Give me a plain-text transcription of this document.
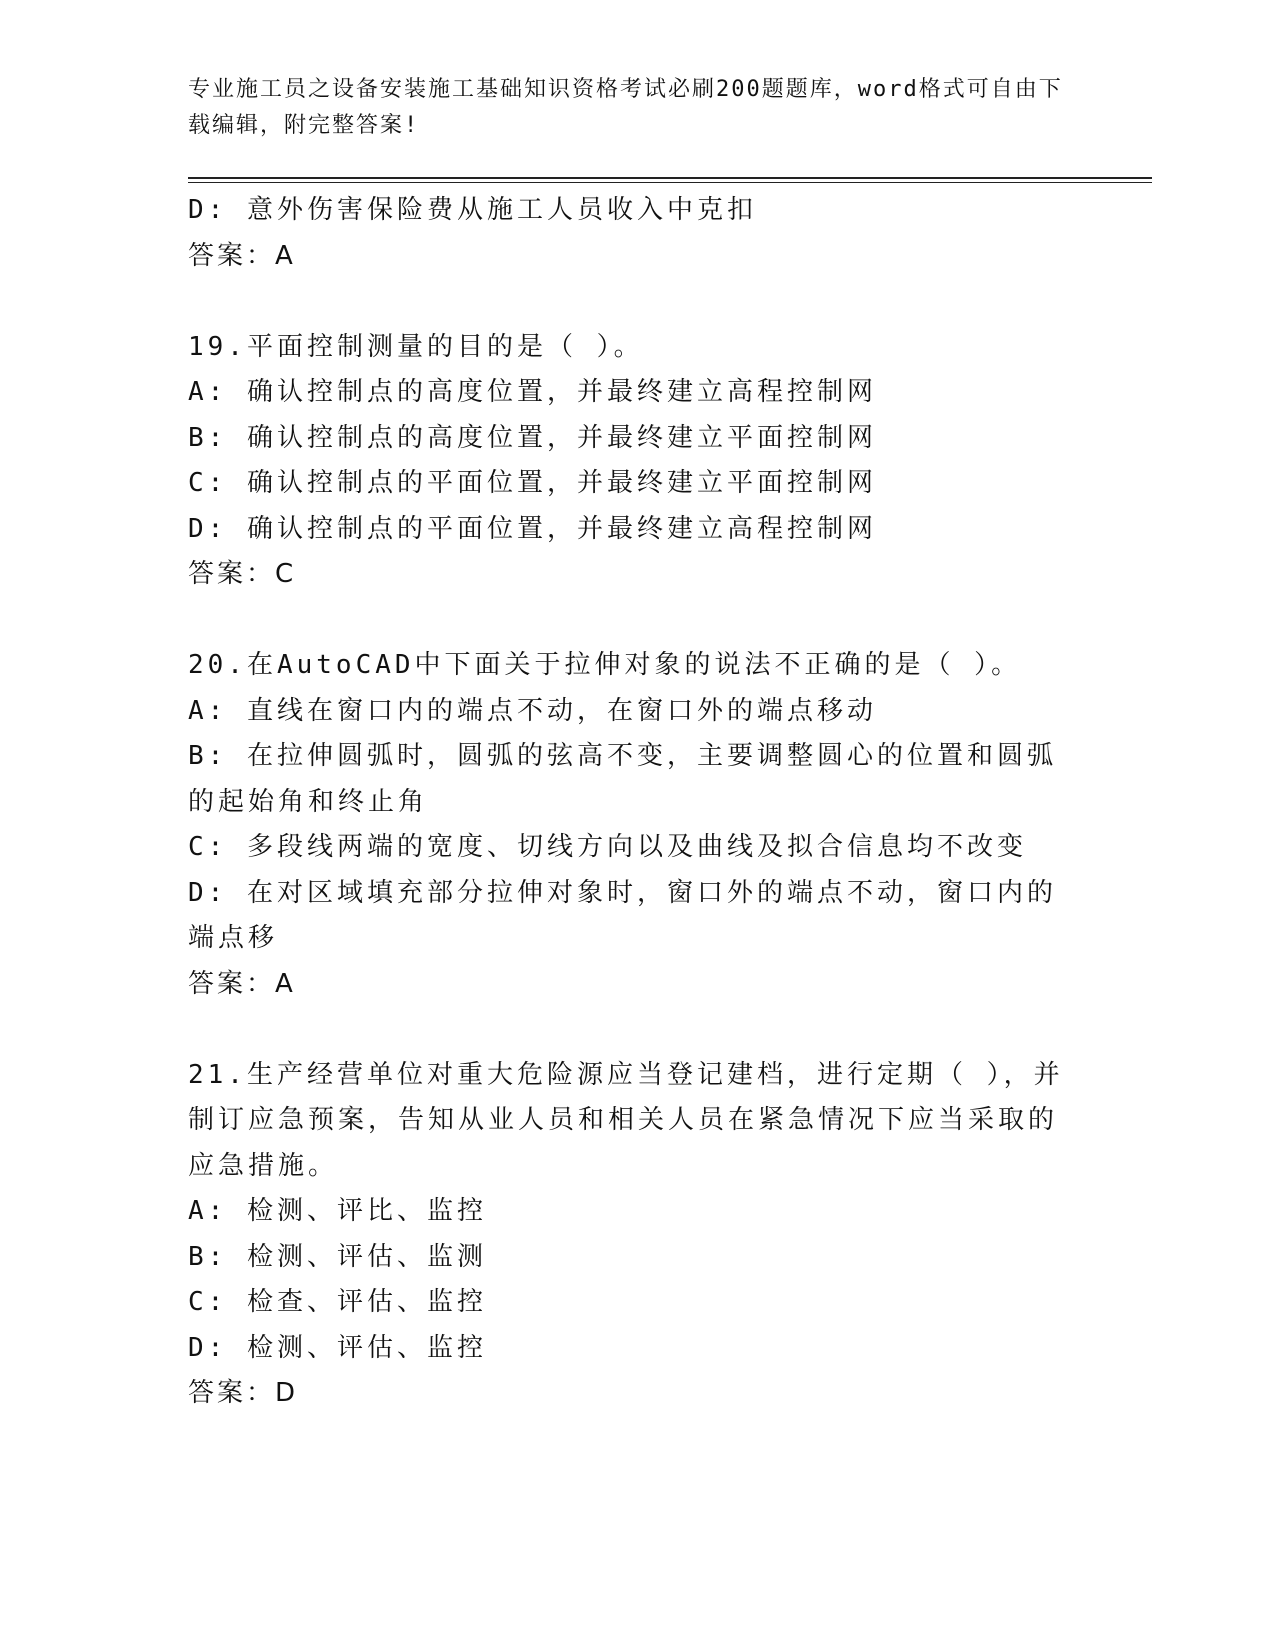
专业施工员之设备安装施工基础知识资格考试必刷200题题库，word格式可自由下载编辑，附完整答案!

D: 意外伤害保险费从施工人员收入中克扣

答案：A

19.平面控制测量的目的是（ ）。

A: 确认控制点的高度位置，并最终建立高程控制网

B: 确认控制点的高度位置，并最终建立平面控制网

C: 确认控制点的平面位置，并最终建立平面控制网

D: 确认控制点的平面位置，并最终建立高程控制网

答案：C

20.在AutoCAD中下面关于拉伸对象的说法不正确的是（ ）。

A: 直线在窗口内的端点不动，在窗口外的端点移动

B: 在拉伸圆弧时，圆弧的弦高不变，主要调整圆心的位置和圆弧的起始角和终止角

C: 多段线两端的宽度、切线方向以及曲线及拟合信息均不改变

D: 在对区域填充部分拉伸对象时，窗口外的端点不动，窗口内的端点移

答案：A

21.生产经营单位对重大危险源应当登记建档，进行定期（ ），并制订应急预案，告知从业人员和相关人员在紧急情况下应当采取的应急措施。

A: 检测、评比、监控

B: 检测、评估、监测

C: 检查、评估、监控

D: 检测、评估、监控

答案：D
